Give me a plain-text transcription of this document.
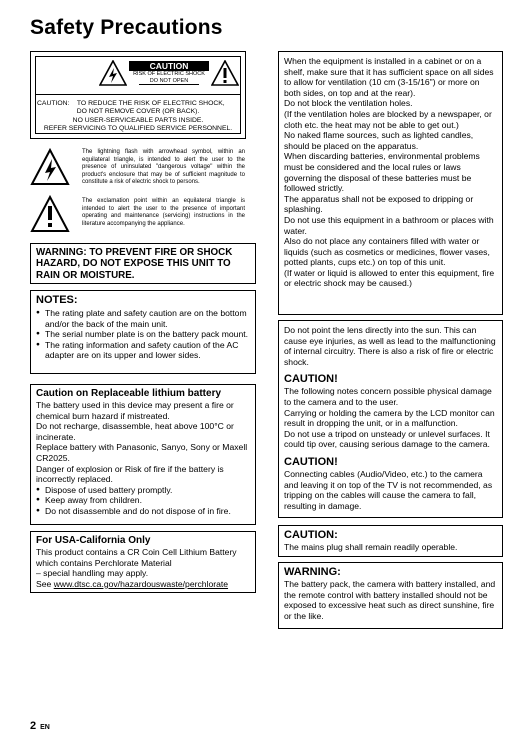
Safety Precautions
CAUTION
RISK OF ELECTRIC SHOCK
DO NOT OPEN
CAUTION:    TO REDUCE THE RISK OF ELECTRIC SHOCK,
DO NOT REMOVE COVER (OR BACK).
NO USER-SERVICEABLE PARTS INSIDE.
REFER SERVICING TO QUALIFIED SERVICE PERSONNEL.
The lightning flash with arrowhead symbol, within an equilateral triangle, is intended to alert the user to the presence of uninsulated "dangerous voltage" within the product's enclosure that may be of sufficient magnitude to constitute a risk of electric shock to persons.
The exclamation point within an equilateral triangle is intended to alert the user to the presence of important operating and maintenance (servicing) instructions in the literature accompanying the appliance.
WARNING: TO PREVENT FIRE OR SHOCK HAZARD, DO NOT EXPOSE THIS UNIT TO RAIN OR MOISTURE.
NOTES:
● The rating plate and safety caution are on the bottom and/or the back of the main unit.
● The serial number plate is on the battery pack mount.
● The rating information and safety caution of the AC adapter are on its upper and lower sides.
Caution on Replaceable lithium battery

The battery used in this device may present a fire or chemical burn hazard if mistreated.

Do not recharge, disassemble, heat above 100°C or incinerate.

Replace battery with Panasonic, Sanyo, Sony or Maxell CR2025.

Danger of explosion or Risk of fire if the battery is incorrectly replaced.

● Dispose of used battery promptly.
● Keep away from children.
● Do not disassemble and do not dispose of in fire.
For USA-California Only

This product contains a CR Coin Cell Lithium Battery which contains Perchlorate Material

– special handling may apply.

See www.dtsc.ca.gov/hazardouswaste/perchlorate

When the equipment is installed in a cabinet or on a shelf, make sure that it has sufficient space on all sides to allow for ventilation (10 cm (3-15/16") or more on both sides, on top and at the rear).

Do not block the ventilation holes.

(If the ventilation holes are blocked by a newspaper, or cloth etc. the heat may not be able to get out.)

No naked flame sources, such as lighted candles, should be placed on the apparatus.

When discarding batteries, environmental problems must be considered and the local rules or laws governing the disposal of these batteries must be followed strictly.

The apparatus shall not be exposed to dripping or splashing.

Do not use this equipment in a bathroom or places with water.

Also do not place any containers filled with water or liquids (such as cosmetics or medicines, flower vases, potted plants, cups etc.) on top of this unit.

(If water or liquid is allowed to enter this equipment, fire or electric shock may be caused.)

Do not point the lens directly into the sun. This can cause eye injuries, as well as lead to the malfunctioning of internal circuitry. There is also a risk of fire or electric shock.

CAUTION!

The following notes concern possible physical damage to the camera and to the user.

Carrying or holding the camera by the LCD monitor can result in dropping the unit, or in a malfunction.

Do not use a tripod on unsteady or unlevel surfaces. It could tip over, causing serious damage to the camera.

CAUTION!

Connecting cables (Audio/Video, etc.) to the camera and leaving it on top of the TV is not recommended, as tripping on the cables will cause the camera to fall, resulting in damage.

CAUTION:

The mains plug shall remain readily operable.

WARNING:

The battery pack, the camera with battery installed, and the remote control with battery installed should not be exposed to excessive heat such as direct sunshine, fire or the like.

2 EN
